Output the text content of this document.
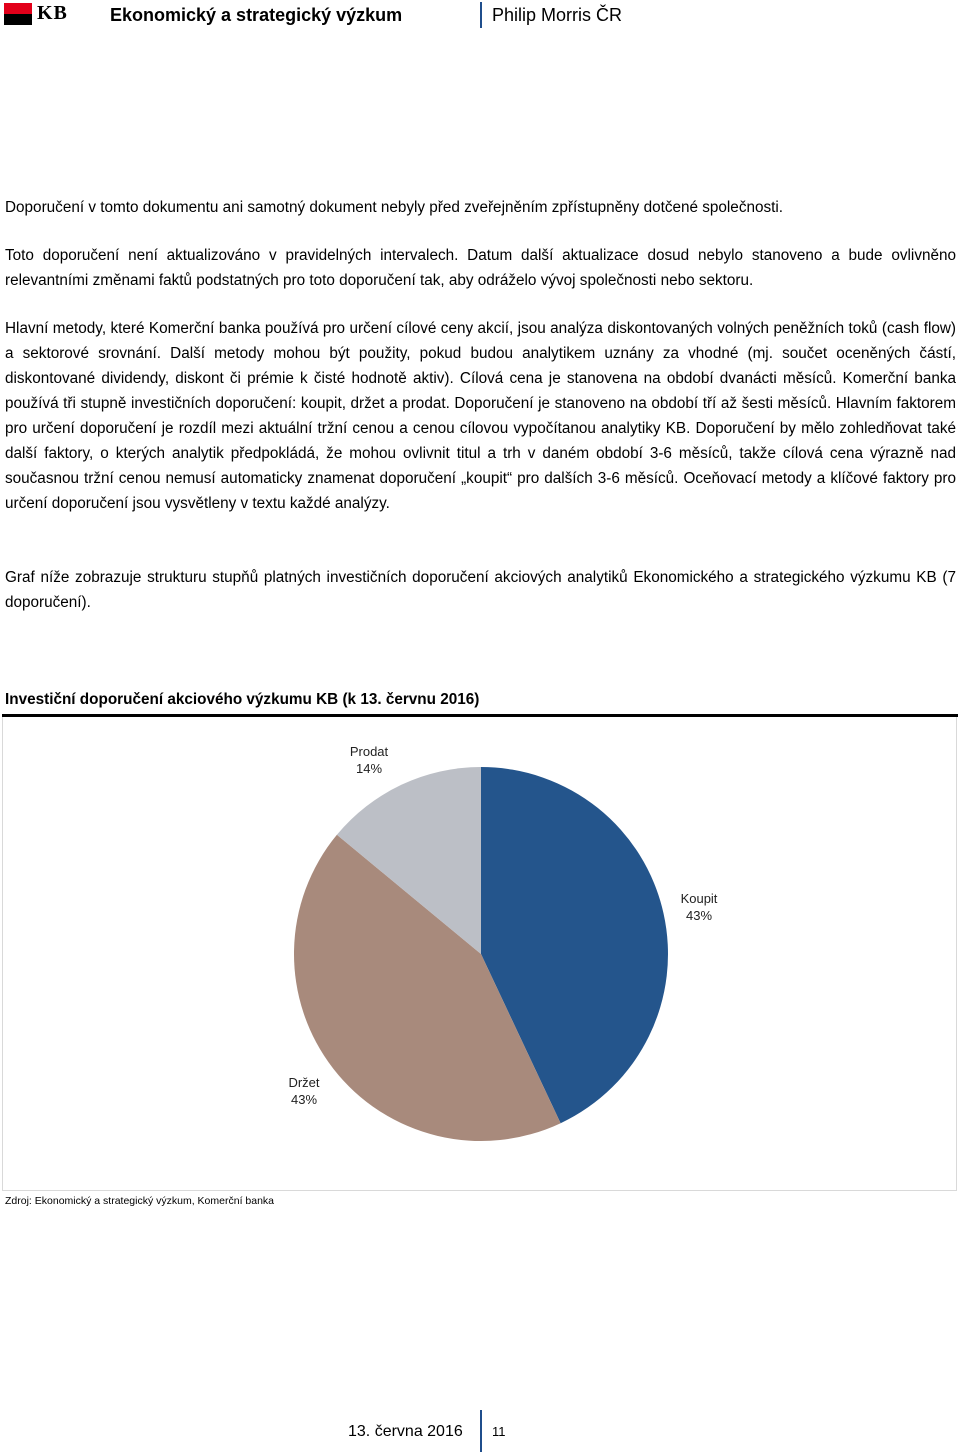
KB Ekonomický a strategický výzkum	Philip Morris ČR

Doporučení v tomto dokumentu ani samotný dokument nebyly před zveřejněním zpřístupněny dotčené společnosti.

Toto doporučení není aktualizováno v pravidelných intervalech. Datum další aktualizace dosud nebylo stanoveno a bude ovlivněno relevantními změnami faktů podstatných pro toto doporučení tak, aby odráželo vývoj společnosti nebo sektoru.

Hlavní metody, které Komerční banka používá pro určení cílové ceny akcií, jsou analýza diskontovaných volných peněžních toků (cash flow) a sektorové srovnání. Další metody mohou být použity, pokud budou analytikem uznány za vhodné (mj. součet oceněných částí, diskontované dividendy, diskont či prémie k čisté hodnotě aktiv). Cílová cena je stanovena na období dvanácti měsíců. Komerční banka používá tři stupně investičních doporučení: koupit, držet a prodat. Doporučení je stanoveno na období tří až šesti měsíců. Hlavním faktorem pro určení doporučení je rozdíl mezi aktuální tržní cenou a cenou cílovou vypočítanou analytiky KB. Doporučení by mělo zohledňovat také další faktory, o kterých analytik předpokládá, že mohou ovlivnit titul a trh v daném období 3-6 měsíců, takže cílová cena výrazně nad současnou tržní cenou nemusí automaticky znamenat doporučení „koupit“ pro dalších 3-6 měsíců. Oceňovací metody a klíčové faktory pro určení doporučení jsou vysvětleny v textu každé analýzy.

Graf níže zobrazuje strukturu stupňů platných investičních doporučení akciových analytiků Ekonomického a strategického výzkumu KB (7 doporučení).

Investiční doporučení akciového výzkumu KB (k 13. červnu 2016)
Prodat
14%
Koupit
43%
Držet
43%
Zdroj: Ekonomický a strategický výzkum, Komerční banka
13. června 2016 11
